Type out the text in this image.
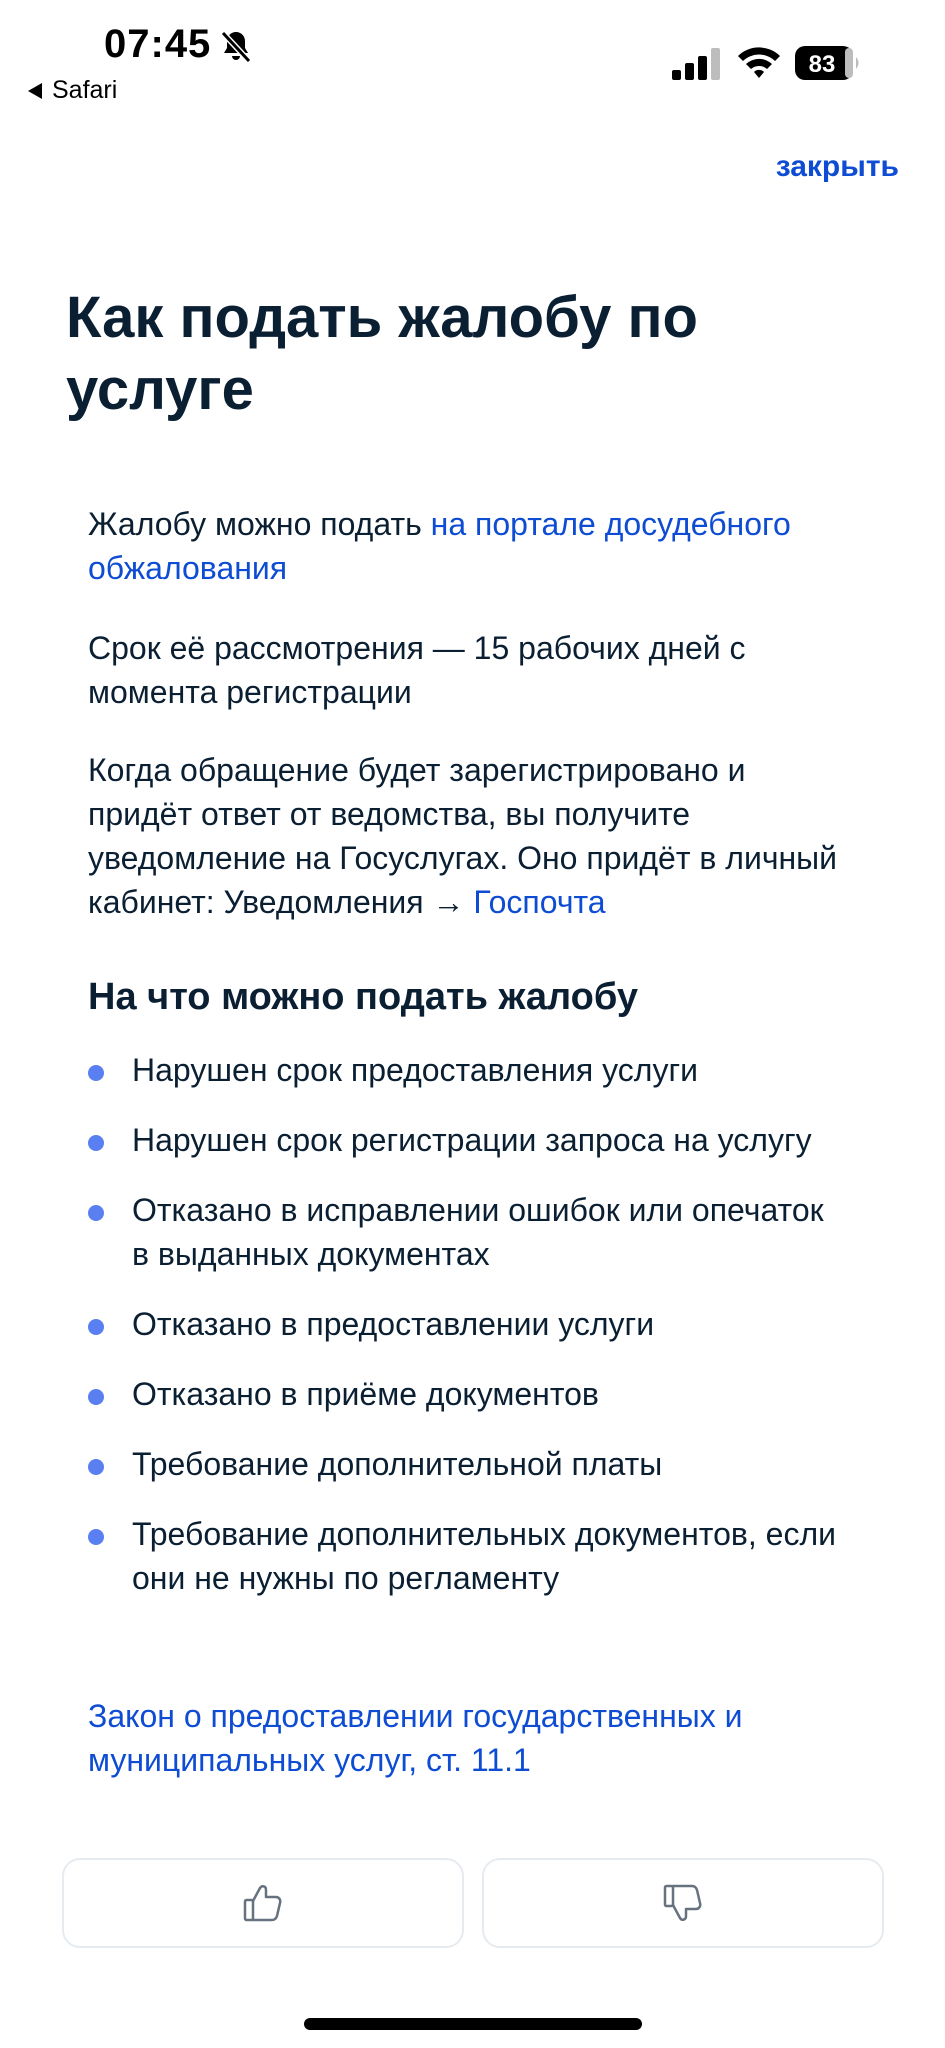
07:45
Safari
83
закрыть
Как подать жалобу по услуге

Жалобу можно подать на портале досудебного обжалования

Срок её рассмотрения — 15 рабочих дней с момента регистрации

Когда обращение будет зарегистрировано и придёт ответ от ведомства, вы получите уведомление на Госуслугах. Оно придёт в личный кабинет: Уведомления → Госпочта

На что можно подать жалобу
Нарушен срок предоставления услуги
Нарушен срок регистрации запроса на услугу
Отказано в исправлении ошибок или опечаток в выданных документах
Отказано в предоставлении услуги
Отказано в приёме документов
Требование дополнительной платы
Требование дополнительных документов, если они не нужны по регламенту
Закон о предоставлении государственных и муниципальных услуг, ст. 11.1
